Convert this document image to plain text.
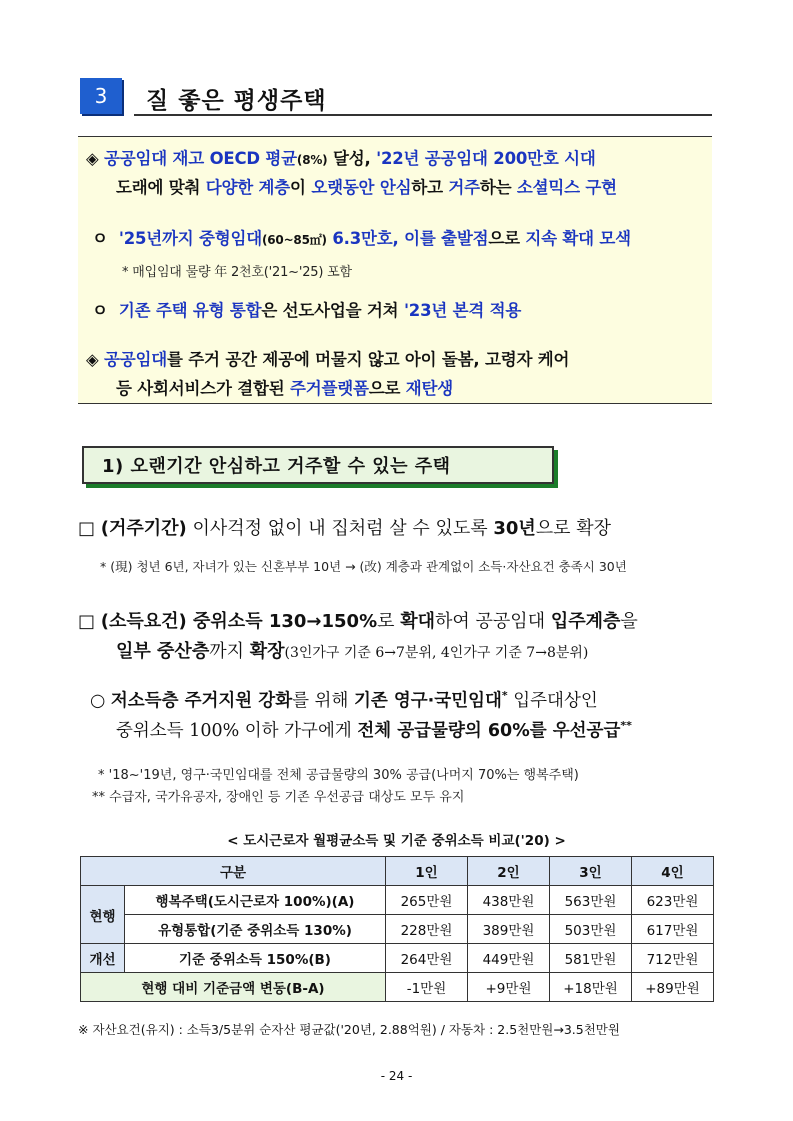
3	질 좋은 평생주택
◈ 공공임대 재고 OECD 평균(8%) 달성, '22년 공공임대 200만호 시대
도래에 맞춰 다양한 계층이 오랫동안 안심하고 거주하는 소셜믹스 구현
ㅇ '25년까지 중형임대(60~85㎡) 6.3만호, 이를 출발점으로 지속 확대 모색
* 매입임대 물량 年 2천호('21~'25) 포함
ㅇ 기존 주택 유형 통합은 선도사업을 거쳐 '23년 본격 적용
◈ 공공임대를 주거 공간 제공에 머물지 않고 아이 돌봄, 고령자 케어
등 사회서비스가 결합된 주거플랫폼으로 재탄생
1) 오랜기간 안심하고 거주할 수 있는 주택
□ (거주기간) 이사걱정 없이 내 집처럼 살 수 있도록 30년으로 확장
* (現) 청년 6년, 자녀가 있는 신혼부부 10년 → (改) 계층과 관계없이 소득·자산요건 충족시 30년
□ (소득요건) 중위소득 130→150%로 확대하여 공공임대 입주계층을
일부 중산층까지 확장(3인가구 기준 6→7분위, 4인가구 기준 7→8분위)
○ 저소득층 주거지원 강화를 위해 기존 영구·국민임대* 입주대상인
중위소득 100% 이하 가구에게 전체 공급물량의 60%를 우선공급**
* '18~'19년, 영구·국민임대를 전체 공급물량의 30% 공급(나머지 70%는 행복주택)
** 수급자, 국가유공자, 장애인 등 기존 우선공급 대상도 모두 유지
< 도시근로자 월평균소득 및 기준 중위소득 비교('20) >
구분		1인	2인	3인	4인
현행	행복주택(도시근로자 100%)(A)	265만원	438만원	563만원	623만원
	유형통합(기준 중위소득 130%)	228만원	389만원	503만원	617만원
개선	기준 중위소득 150%(B)	264만원	449만원	581만원	712만원
현행 대비 기준금액 변동(B-A)		-1만원	+9만원	+18만원	+89만원
※ 자산요건(유지) : 소득3/5분위 순자산 평균값('20년, 2.88억원) / 자동차 : 2.5천만원→3.5천만원
- 24 -
